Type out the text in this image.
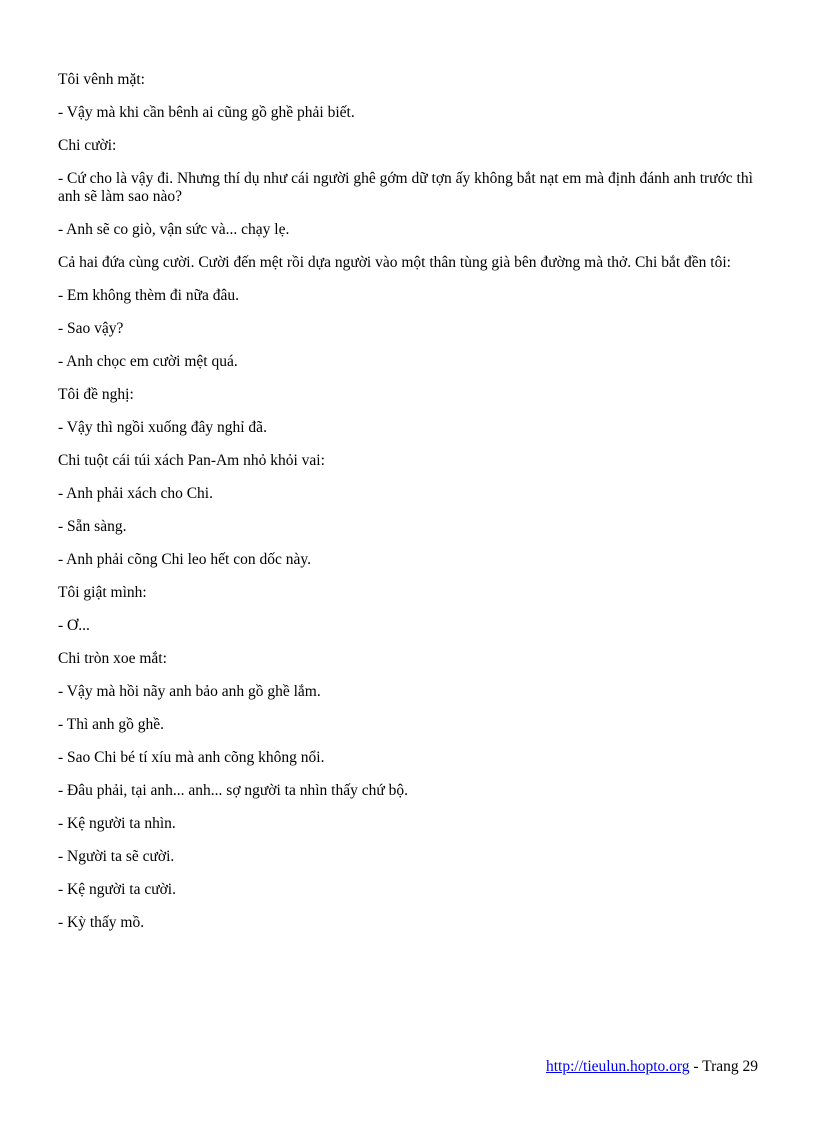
Tôi vênh mặt:

- Vậy mà khi cần bênh ai cũng gồ ghề phải biết.

Chi cười:

- Cứ cho là vậy đi. Nhưng thí dụ như cái người ghê gớm dữ tợn ấy không bắt nạt em mà định đánh anh trước thì anh sẽ làm sao nào?

- Anh sẽ co giò, vận sức và... chạy lẹ.

Cả hai đứa cùng cười. Cười đến mệt rồi dựa người vào một thân tùng già bên đường mà thở. Chi bắt đền tôi:

- Em không thèm đi nữa đâu.

- Sao vậy?

- Anh chọc em cười mệt quá.

Tôi đề nghị:

- Vậy thì ngồi xuống đây nghỉ đã.

Chi tuột cái túi xách Pan-Am nhỏ khỏi vai:

- Anh phải xách cho Chi.

- Sẵn sàng.

- Anh phải cõng Chi leo hết con dốc này.

Tôi giật mình:

- Ơ...

Chi tròn xoe mắt:

- Vậy mà hồi nãy anh bảo anh gồ ghề lắm.

- Thì anh gồ ghề.

- Sao Chi bé tí xíu mà anh cõng không nổi.

- Đâu phải, tại anh... anh... sợ người ta nhìn thấy chứ bộ.

- Kệ người ta nhìn.

- Người ta sẽ cười.

- Kệ người ta cười.

- Kỳ thấy mồ.

http://tieulun.hopto.org - Trang 29
